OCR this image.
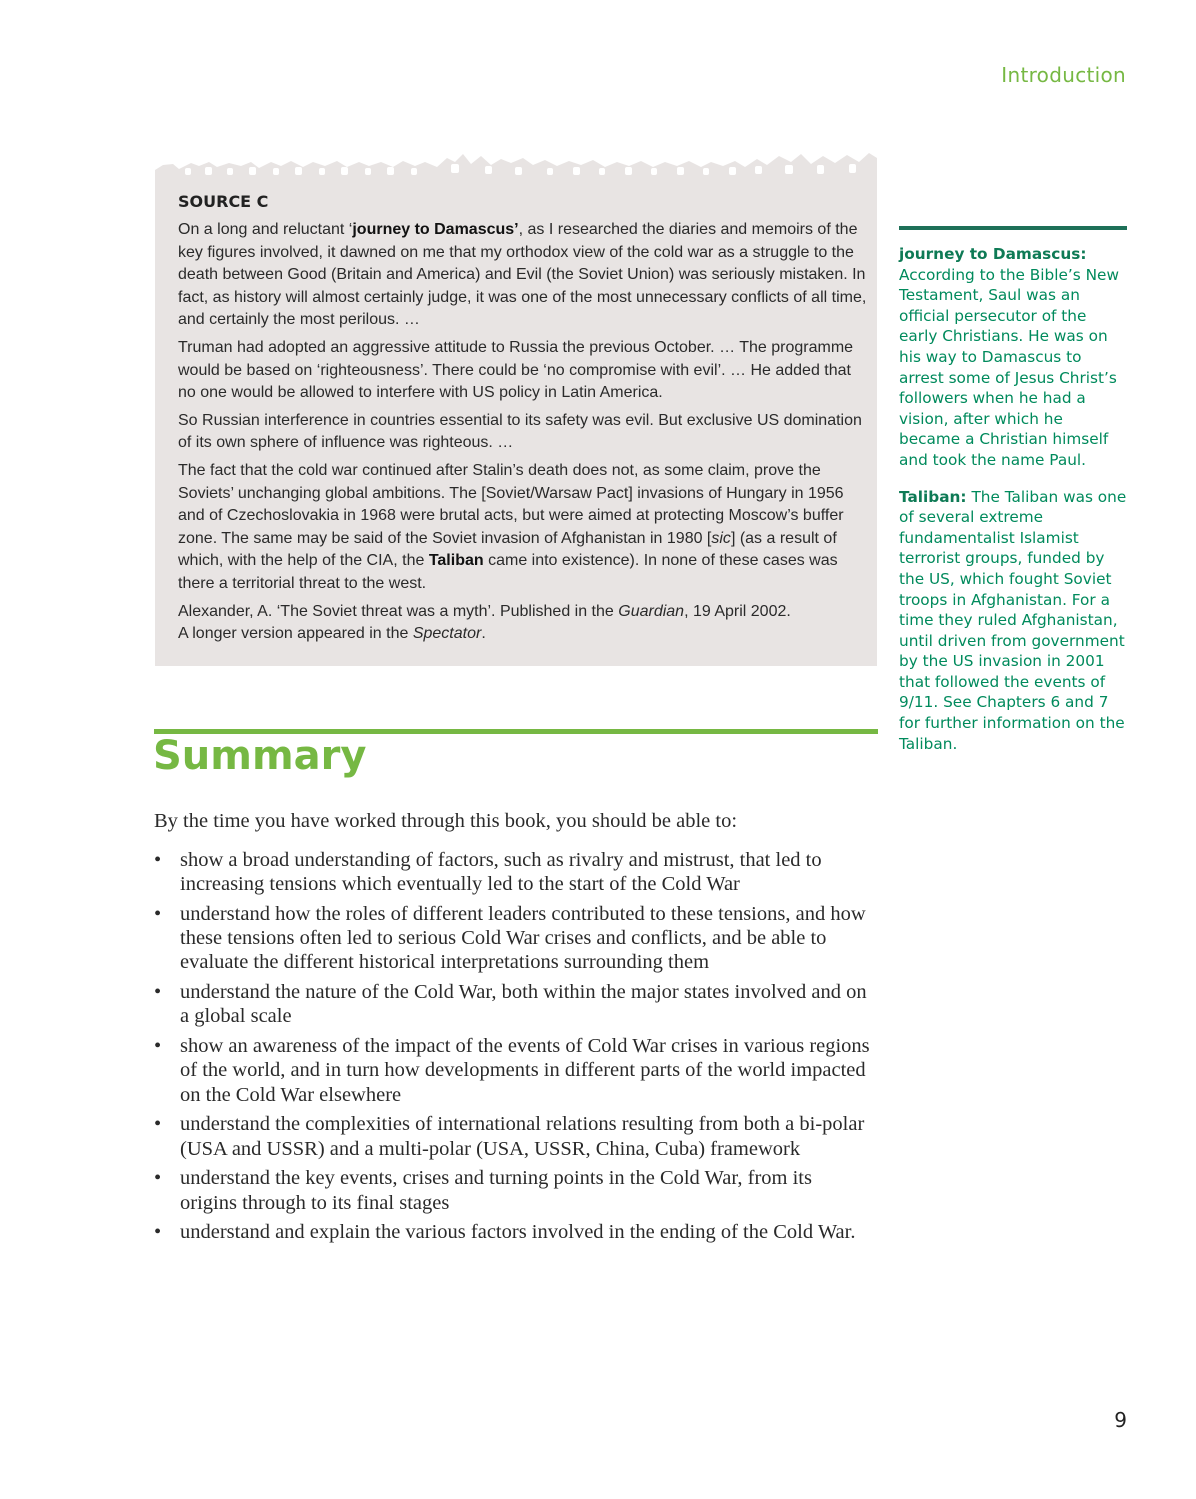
Introduction
SOURCE C

On a long and reluctant ‘journey to Damascus’, as I researched the diaries and memoirs of the key figures involved, it dawned on me that my orthodox view of the cold war as a struggle to the death between Good (Britain and America) and Evil (the Soviet Union) was seriously mistaken. In fact, as history will almost certainly judge, it was one of the most unnecessary conflicts of all time, and certainly the most perilous. …

Truman had adopted an aggressive attitude to Russia the previous October. … The programme would be based on ‘righteousness’. There could be ‘no compromise with evil’. … He added that no one would be allowed to interfere with US policy in Latin America.

So Russian interference in countries essential to its safety was evil. But exclusive US domination of its own sphere of influence was righteous. …

The fact that the cold war continued after Stalin’s death does not, as some claim, prove the Soviets’ unchanging global ambitions. The [Soviet/Warsaw Pact] invasions of Hungary in 1956 and of Czechoslovakia in 1968 were brutal acts, but were aimed at protecting Moscow’s buffer zone. The same may be said of the Soviet invasion of Afghanistan in 1980 [sic] (as a result of which, with the help of the CIA, the Taliban came into existence). In none of these cases was there a territorial threat to the west.

Alexander, A. ‘The Soviet threat was a myth’. Published in the Guardian, 19 April 2002.
A longer version appeared in the Spectator.

journey to Damascus:
According to the Bible’s New Testament, Saul was an official persecutor of the early Christians. He was on his way to Damascus to arrest some of Jesus Christ’s followers when he had a vision, after which he became a Christian himself and took the name Paul.

Taliban: The Taliban was one of several extreme fundamentalist Islamist terrorist groups, funded by the US, which fought Soviet troops in Afghanistan. For a time they ruled Afghanistan, until driven from government by the US invasion in 2001 that followed the events of 9/11. See Chapters 6 and 7 for further information on the Taliban.

Summary

By the time you have worked through this book, you should be able to:

• show a broad understanding of factors, such as rivalry and mistrust, that led to increasing tensions which eventually led to the start of the Cold War
• understand how the roles of different leaders contributed to these tensions, and how these tensions often led to serious Cold War crises and conflicts, and be able to evaluate the different historical interpretations surrounding them
• understand the nature of the Cold War, both within the major states involved and on a global scale
• show an awareness of the impact of the events of Cold War crises in various regions of the world, and in turn how developments in different parts of the world impacted on the Cold War elsewhere
• understand the complexities of international relations resulting from both a bi-polar (USA and USSR) and a multi-polar (USA, USSR, China, Cuba) framework
• understand the key events, crises and turning points in the Cold War, from its origins through to its final stages
• understand and explain the various factors involved in the ending of the Cold War.
9
